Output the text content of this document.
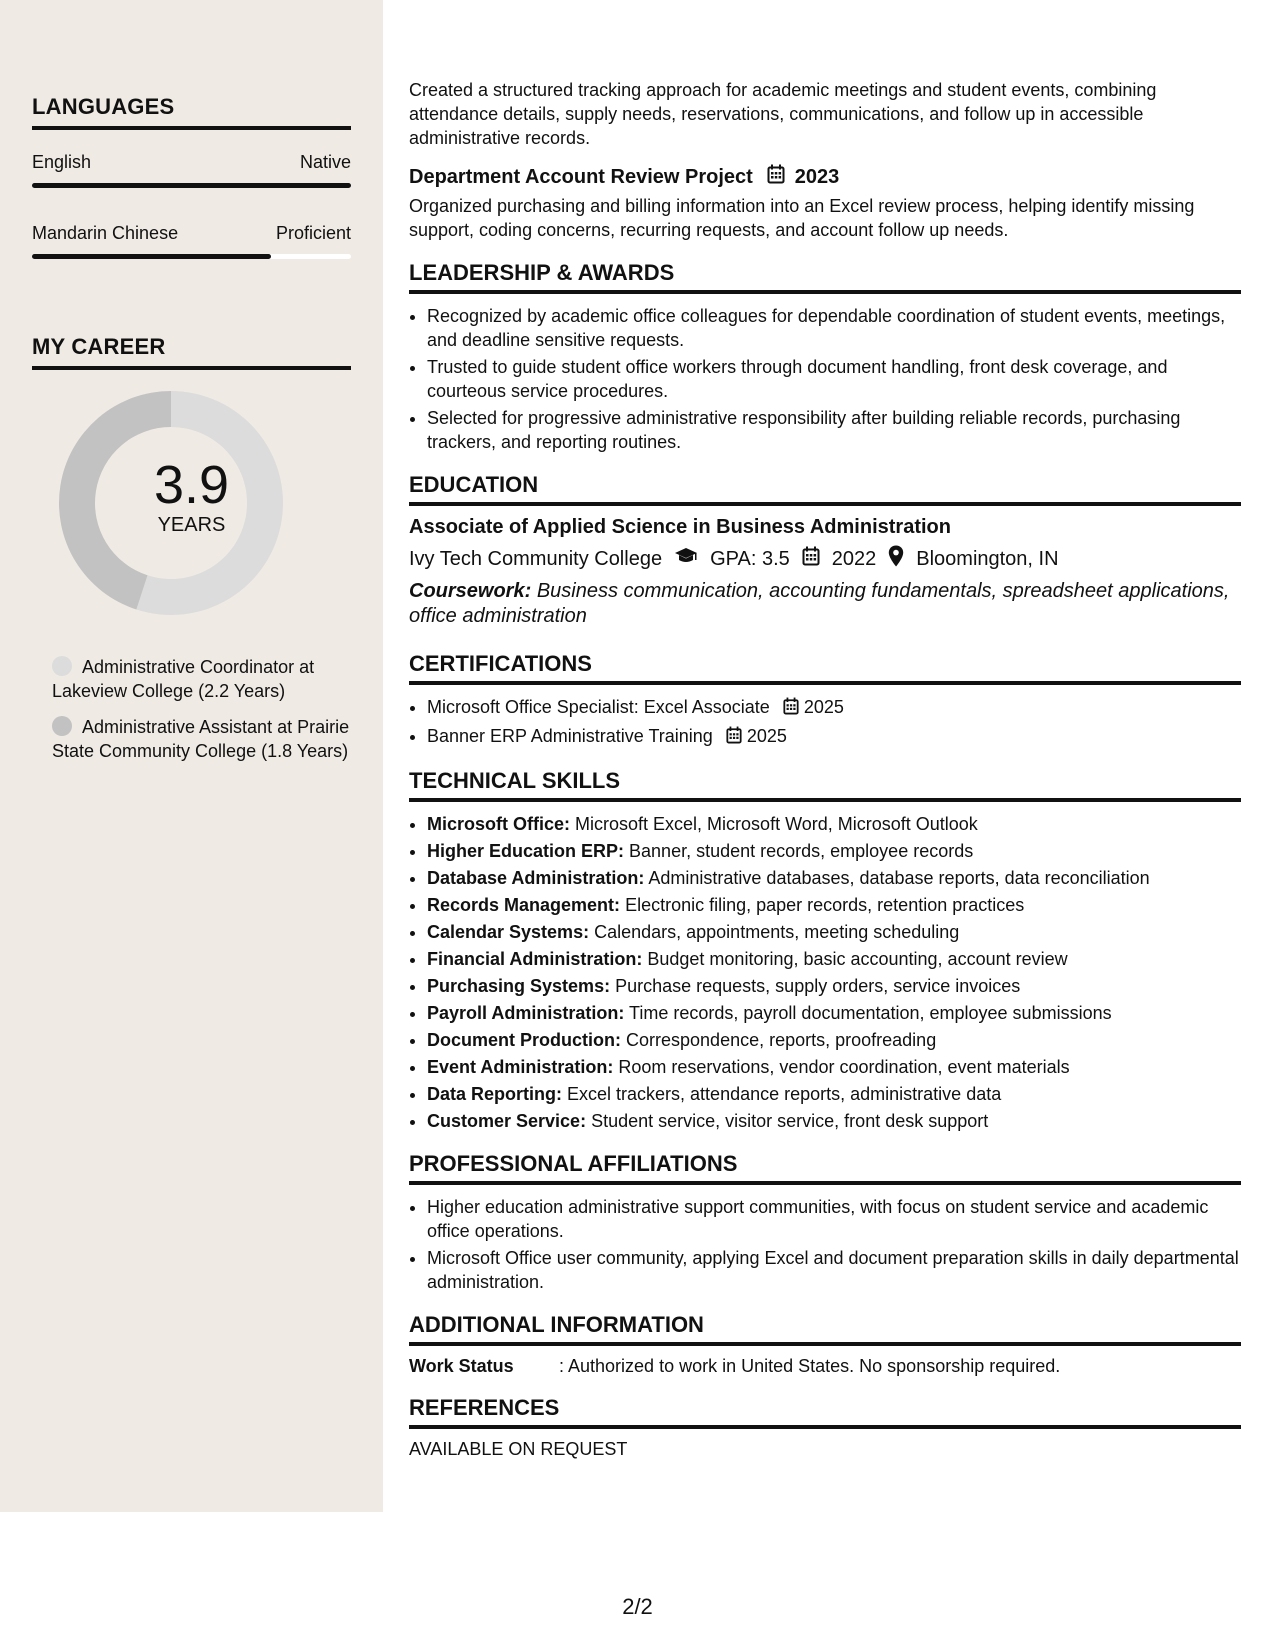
LANGUAGES
English	Native
Mandarin Chinese	Proficient
MY CAREER
3.9
YEARS
Administrative Coordinator at Lakeview College (2.2 Years)
Administrative Assistant at Prairie State Community College (1.8 Years)

Created a structured tracking approach for academic meetings and student events, combining attendance details, supply needs, reservations, communications, and follow up in accessible administrative records.

Department Account Review Project 2023

Organized purchasing and billing information into an Excel review process, helping identify missing support, coding concerns, recurring requests, and account follow up needs.

LEADERSHIP & AWARDS
• Recognized by academic office colleagues for dependable coordination of student events, meetings, and deadline sensitive requests.
• Trusted to guide student office workers through document handling, front desk coverage, and courteous service procedures.
• Selected for progressive administrative responsibility after building reliable records, purchasing trackers, and reporting routines.
EDUCATION
Associate of Applied Science in Business Administration
Ivy Tech Community College GPA: 3.5 2022 Bloomington, IN
Coursework: Business communication, accounting fundamentals, spreadsheet applications, office administration
CERTIFICATIONS
• Microsoft Office Specialist: Excel Associate 2025
• Banner ERP Administrative Training 2025
TECHNICAL SKILLS
• Microsoft Office: Microsoft Excel, Microsoft Word, Microsoft Outlook
• Higher Education ERP: Banner, student records, employee records
• Database Administration: Administrative databases, database reports, data reconciliation
• Records Management: Electronic filing, paper records, retention practices
• Calendar Systems: Calendars, appointments, meeting scheduling
• Financial Administration: Budget monitoring, basic accounting, account review
• Purchasing Systems: Purchase requests, supply orders, service invoices
• Payroll Administration: Time records, payroll documentation, employee submissions
• Document Production: Correspondence, reports, proofreading
• Event Administration: Room reservations, vendor coordination, event materials
• Data Reporting: Excel trackers, attendance reports, administrative data
• Customer Service: Student service, visitor service, front desk support
PROFESSIONAL AFFILIATIONS
• Higher education administrative support communities, with focus on student service and academic office operations.
• Microsoft Office user community, applying Excel and document preparation skills in daily departmental administration.
ADDITIONAL INFORMATION
Work Status	: Authorized to work in United States. No sponsorship required.
REFERENCES
AVAILABLE ON REQUEST
2/2
